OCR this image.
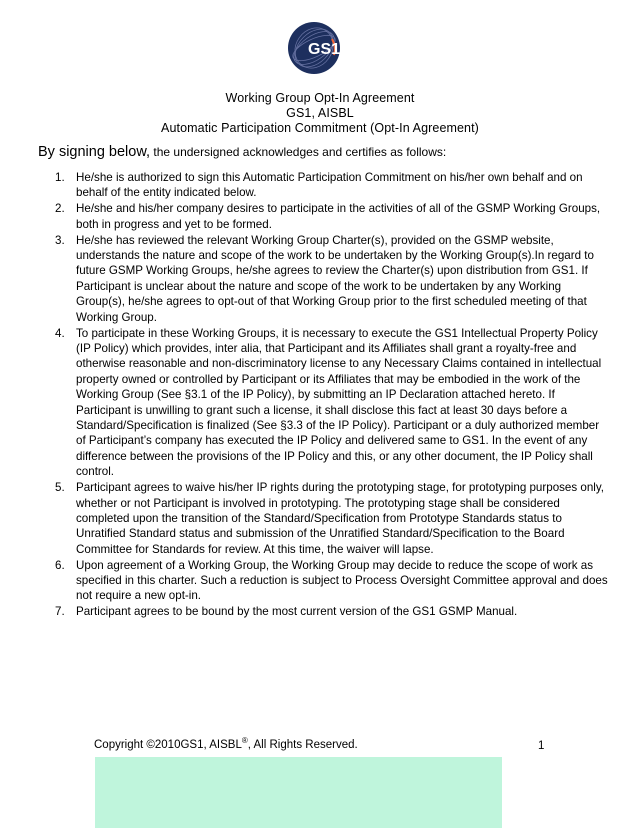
GS1
Working Group Opt-In Agreement
GS1, AISBL
Automatic Participation Commitment (Opt-In Agreement)
By signing below, the undersigned acknowledges and certifies as follows:
1. He/she is authorized to sign this Automatic Participation Commitment on his/her own behalf and on behalf of the entity indicated below.
2. He/she and his/her company desires to participate in the activities of all of the GSMP Working Groups, both in progress and yet to be formed.
3. He/she has reviewed the relevant Working Group Charter(s), provided on the GSMP website, understands the nature and scope of the work to be undertaken by the Working Group(s).In regard to future GSMP Working Groups, he/she agrees to review the Charter(s) upon distribution from GS1. If Participant is unclear about the nature and scope of the work to be undertaken by any Working Group(s), he/she agrees to opt-out of that Working Group prior to the first scheduled meeting of that Working Group.
4. To participate in these Working Groups, it is necessary to execute the GS1 Intellectual Property Policy (IP Policy) which provides, inter alia, that Participant and its Affiliates shall grant a royalty-free and otherwise reasonable and non-discriminatory license to any Necessary Claims contained in intellectual property owned or controlled by Participant or its Affiliates that may be embodied in the work of the Working Group (See §3.1 of the IP Policy), by submitting an IP Declaration attached hereto. If Participant is unwilling to grant such a license, it shall disclose this fact at least 30 days before a Standard/Specification is finalized (See §3.3 of the IP Policy). Participant or a duly authorized member of Participant’s company has executed the IP Policy and delivered same to GS1. In the event of any difference between the provisions of the IP Policy and this, or any other document, the IP Policy shall control.
5. Participant agrees to waive his/her IP rights during the prototyping stage, for prototyping purposes only, whether or not Participant is involved in prototyping. The prototyping stage shall be considered completed upon the transition of the Standard/Specification from Prototype Standards status to Unratified Standard status and submission of the Unratified Standard/Specification to the Board Committee for Standards for review. At this time, the waiver will lapse.
6. Upon agreement of a Working Group, the Working Group may decide to reduce the scope of work as specified in this charter. Such a reduction is subject to Process Oversight Committee approval and does not require a new opt-in.
7. Participant agrees to be bound by the most current version of the GS1 GSMP Manual.
Copyright ©2010GS1, AISBL®, All Rights Reserved.	1
